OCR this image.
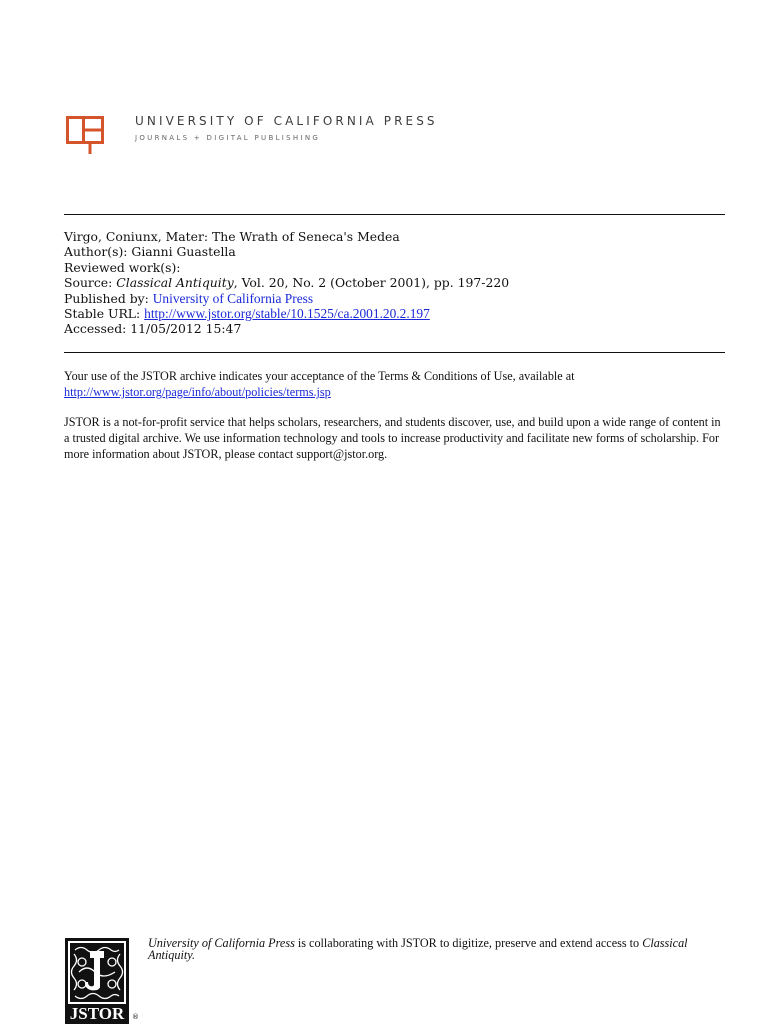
UNIVERSITY OF CALIFORNIA PRESS
JOURNALS + DIGITAL PUBLISHING
Virgo, Coniunx, Mater: The Wrath of Seneca's Medea
Author(s): Gianni Guastella
Reviewed work(s):
Source: Classical Antiquity, Vol. 20, No. 2 (October 2001), pp. 197-220
Published by: University of California Press
Stable URL: http://www.jstor.org/stable/10.1525/ca.2001.20.2.197
Accessed: 11/05/2012 15:47
Your use of the JSTOR archive indicates your acceptance of the Terms & Conditions of Use, available at
http://www.jstor.org/page/info/about/policies/terms.jsp
JSTOR is a not-for-profit service that helps scholars, researchers, and students discover, use, and build upon a wide range of content in a trusted digital archive. We use information technology and tools to increase productivity and facilitate new forms of scholarship. For more information about JSTOR, please contact support@jstor.org.
JSTOR ®
University of California Press is collaborating with JSTOR to digitize, preserve and extend access to Classical Antiquity.
